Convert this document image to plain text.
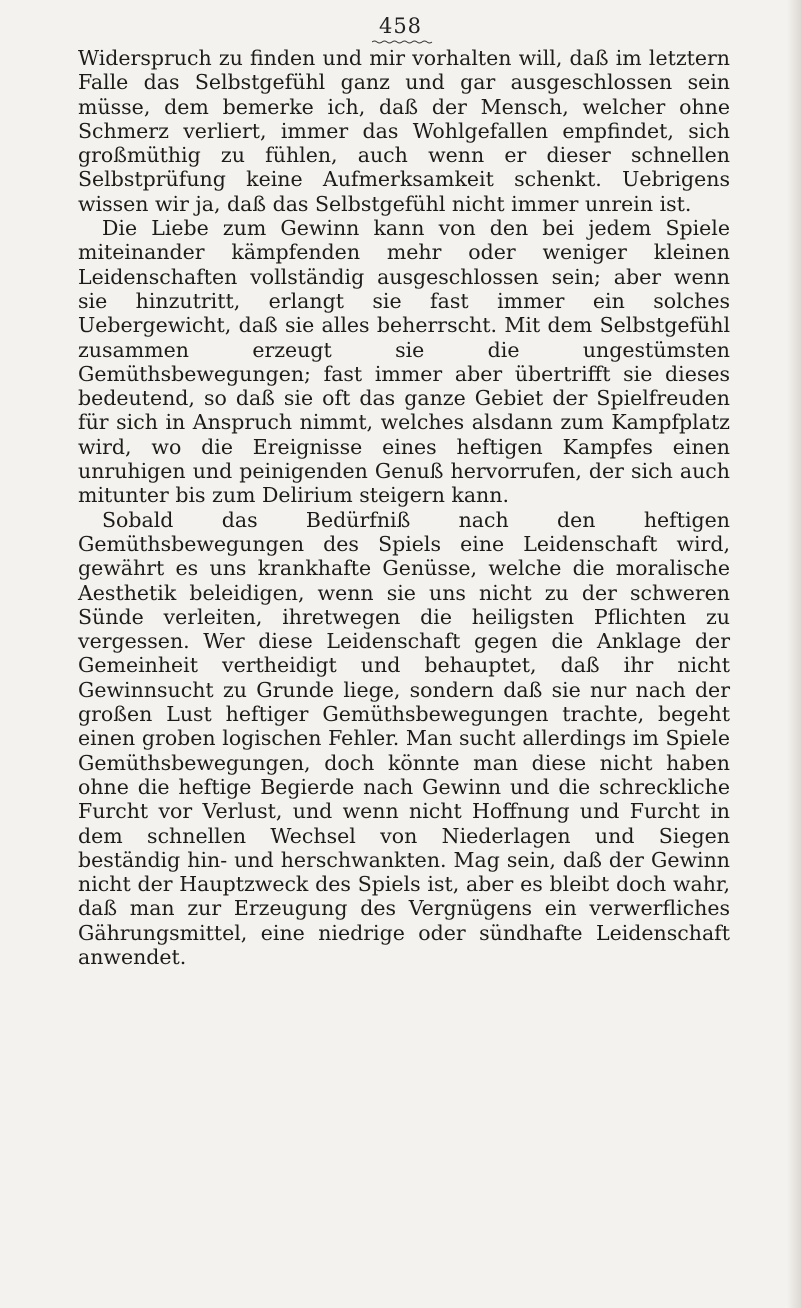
458

Widerspruch zu finden und mir vorhalten will, daß im letztern Falle das Selbstgefühl ganz und gar ausgeschlossen sein müsse, dem bemerke ich, daß der Mensch, welcher ohne Schmerz verliert, immer das Wohlgefallen empfindet, sich großmüthig zu fühlen, auch wenn er dieser schnellen Selbstprüfung keine Aufmerksamkeit schenkt. Uebrigens wissen wir ja, daß das Selbstgefühl nicht immer unrein ist.

Die Liebe zum Gewinn kann von den bei jedem Spiele miteinander kämpfenden mehr oder weniger kleinen Leidenschaften vollständig ausgeschlossen sein; aber wenn sie hinzutritt, erlangt sie fast immer ein solches Uebergewicht, daß sie alles beherrscht. Mit dem Selbstgefühl zusammen erzeugt sie die ungestümsten Gemüthsbewegungen; fast immer aber übertrifft sie dieses bedeutend, so daß sie oft das ganze Gebiet der Spielfreuden für sich in Anspruch nimmt, welches alsdann zum Kampfplatz wird, wo die Ereignisse eines heftigen Kampfes einen unruhigen und peinigenden Genuß hervorrufen, der sich auch mitunter bis zum Delirium steigern kann.

Sobald das Bedürfniß nach den heftigen Gemüthsbewegungen des Spiels eine Leidenschaft wird, gewährt es uns krankhafte Genüsse, welche die moralische Aesthetik beleidigen, wenn sie uns nicht zu der schweren Sünde verleiten, ihretwegen die heiligsten Pflichten zu vergessen. Wer diese Leidenschaft gegen die Anklage der Gemeinheit vertheidigt und behauptet, daß ihr nicht Gewinnsucht zu Grunde liege, sondern daß sie nur nach der großen Lust heftiger Gemüthsbewegungen trachte, begeht einen groben logischen Fehler. Man sucht allerdings im Spiele Gemüthsbewegungen, doch könnte man diese nicht haben ohne die heftige Begierde nach Gewinn und die schreckliche Furcht vor Verlust, und wenn nicht Hoffnung und Furcht in dem schnellen Wechsel von Niederlagen und Siegen beständig hin- und herschwankten. Mag sein, daß der Gewinn nicht der Hauptzweck des Spiels ist, aber es bleibt doch wahr, daß man zur Erzeugung des Vergnügens ein verwerfliches Gährungsmittel, eine niedrige oder sündhafte Leidenschaft anwendet.
